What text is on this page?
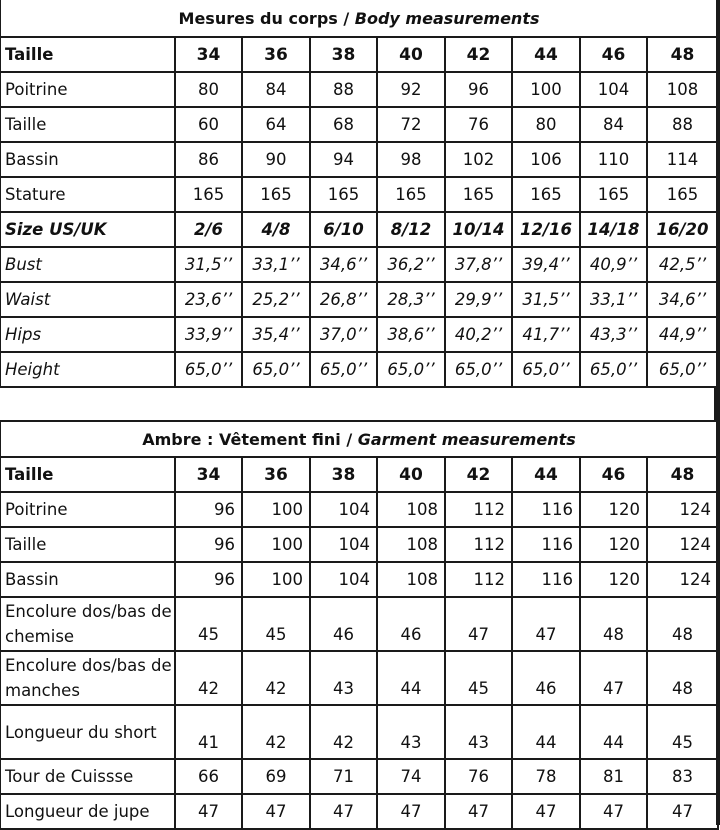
Mesures du corps / Body measurements								
Taille	34	36	38	40	42	44	46	48
Poitrine	80	84	88	92	96	100	104	108
Taille	60	64	68	72	76	80	84	88
Bassin	86	90	94	98	102	106	110	114
Stature	165	165	165	165	165	165	165	165
Size US/UK	2/6	4/8	6/10	8/12	10/14	12/16	14/18	16/20
Bust	31,5’’	33,1’’	34,6’’	36,2’’	37,8’’	39,4’’	40,9’’	42,5’’
Waist	23,6’’	25,2’’	26,8’’	28,3’’	29,9’’	31,5’’	33,1’’	34,6’’
Hips	33,9’’	35,4’’	37,0’’	38,6’’	40,2’’	41,7’’	43,3’’	44,9’’
Height	65,0’’	65,0’’	65,0’’	65,0’’	65,0’’	65,0’’	65,0’’	65,0’’
Ambre : Vêtement fini / Garment measurements								
Taille	34	36	38	40	42	44	46	48
Poitrine	96	100	104	108	112	116	120	124
Taille	96	100	104	108	112	116	120	124
Bassin	96	100	104	108	112	116	120	124
Encolure dos/bas de chemise	45	45	46	46	47	47	48	48
Encolure dos/bas de manches	42	42	43	44	45	46	47	48
Longueur du short	41	42	42	43	43	44	44	45
Tour de Cuissse	66	69	71	74	76	78	81	83
Longueur de jupe	47	47	47	47	47	47	47	47
